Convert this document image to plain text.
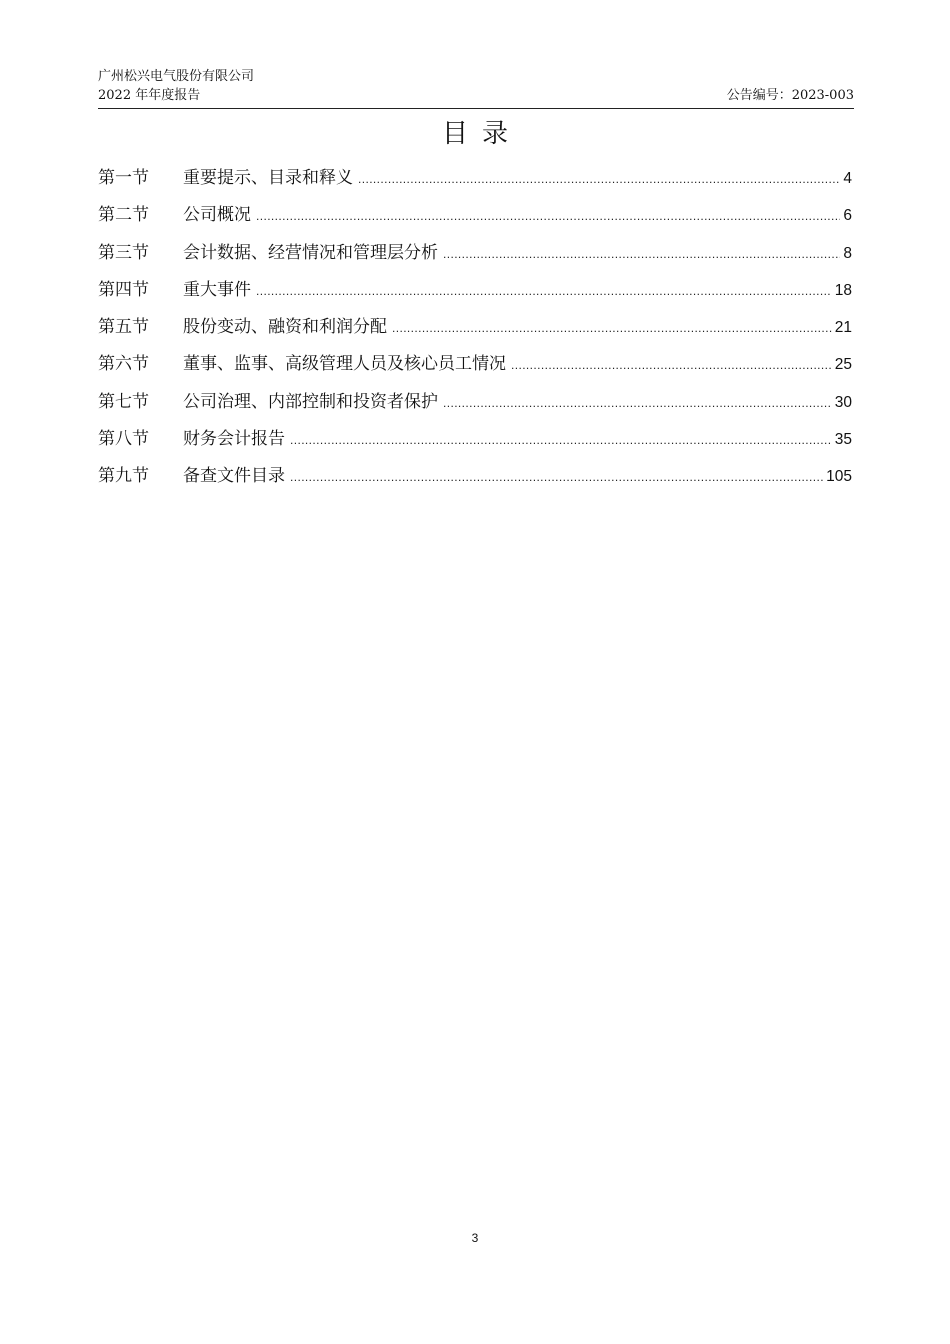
广州松兴电气股份有限公司
2022 年年度报告	公告编号：2023-003
目录
第一节	重要提示、目录和释义 .....	4
第二节	公司概况 .....	6
第三节	会计数据、经营情况和管理层分析 .....	8
第四节	重大事件 .....	18
第五节	股份变动、融资和利润分配 .....	21
第六节	董事、监事、高级管理人员及核心员工情况 .....	25
第七节	公司治理、内部控制和投资者保护 .....	30
第八节	财务会计报告 .....	35
第九节	备查文件目录 .....	105
3
